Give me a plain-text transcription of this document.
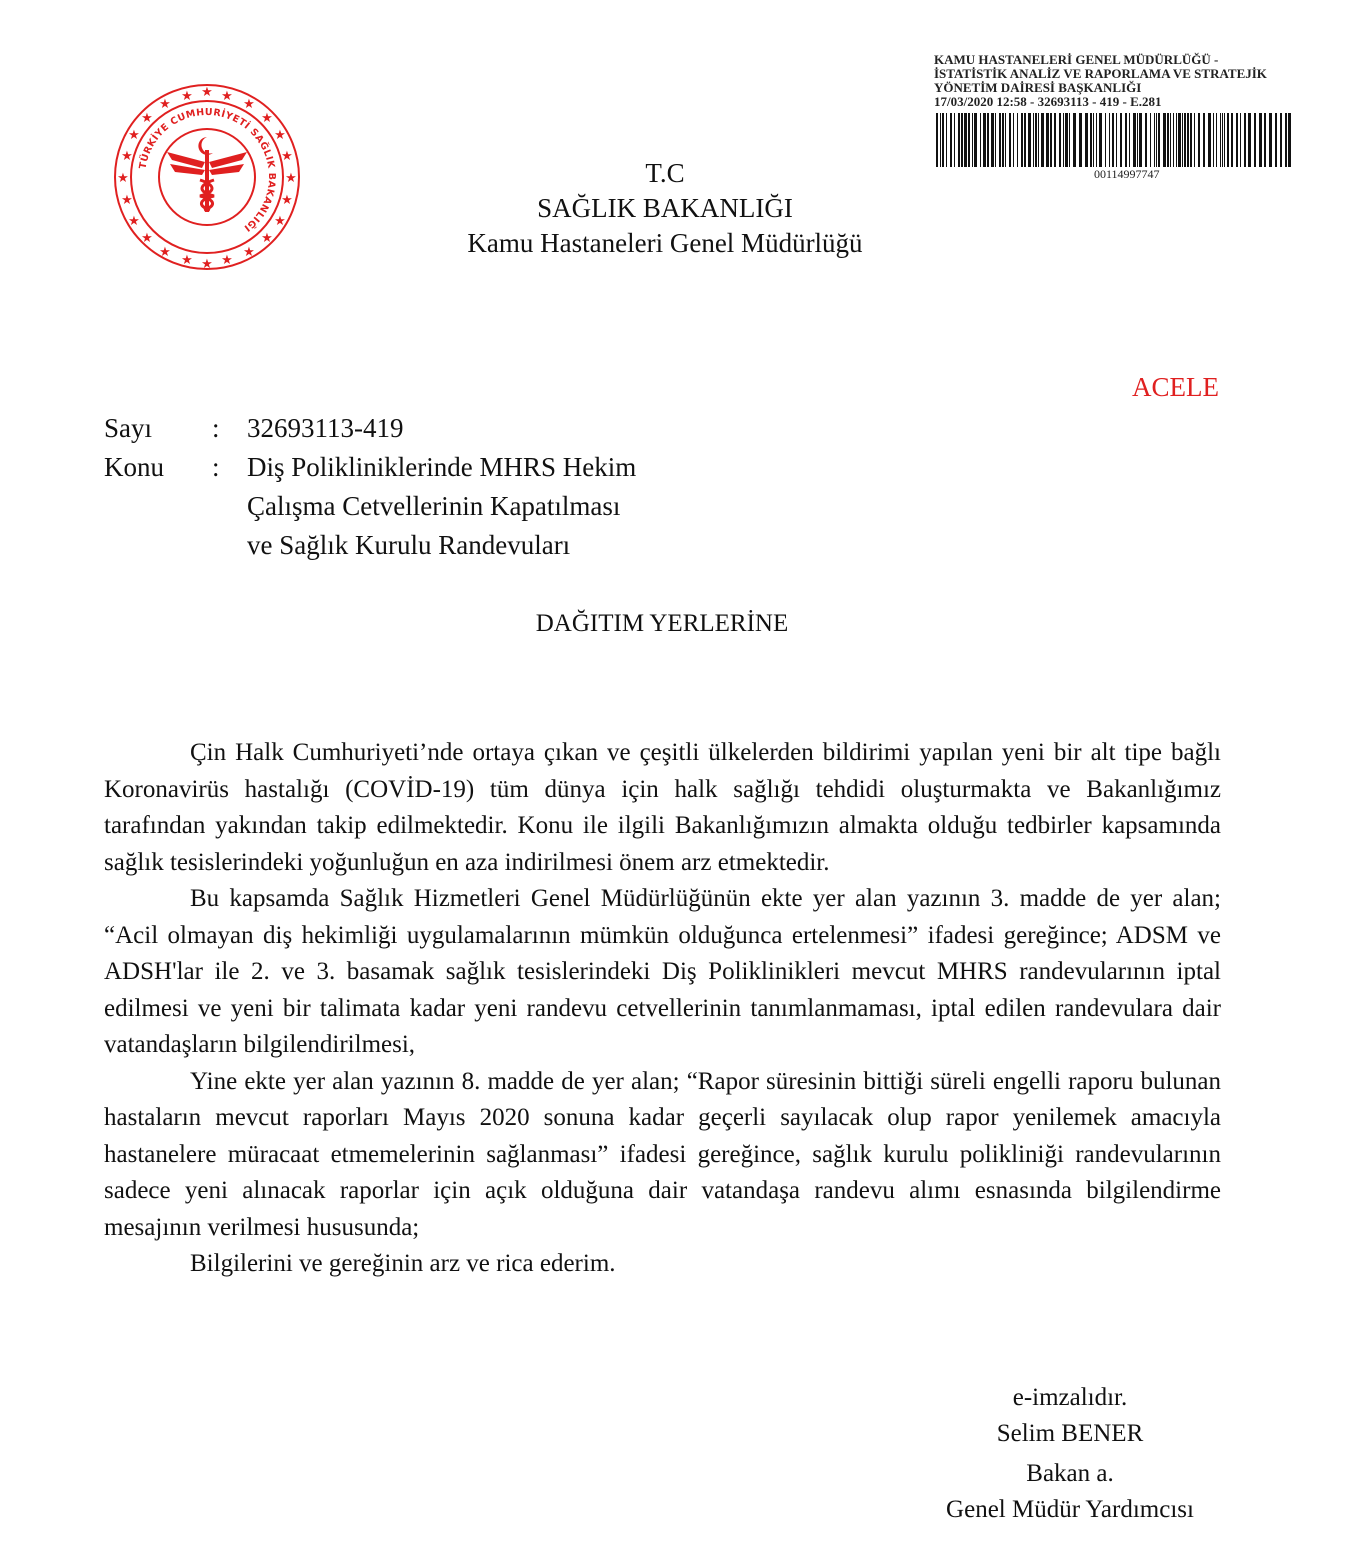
★
★
★
★
★
★
★
★
★
★
★
★
★ ★
★
★
★
★
★
★
★
★
★
★
TÜRKİYE CUMHURİYETİ SAĞLIK BAKANLIĞI
T.C
SAĞLIK BAKANLIĞI
Kamu Hastaneleri Genel Müdürlüğü
KAMU HASTANELERİ GENEL MÜDÜRLÜĞÜ -
İSTATİSTİK ANALİZ VE RAPORLAMA VE STRATEJİK
YÖNETİM DAİRESİ BAŞKANLIĞI
17/03/2020 12:58 - 32693113 - 419 - E.281
00114997747
ACELE
Sayı : 32693113-419
Konu : Diş Polikliniklerinde MHRS Hekim
Çalışma Cetvellerinin Kapatılması
ve Sağlık Kurulu Randevuları
DAĞITIM YERLERİNE

Çin Halk Cumhuriyeti’nde ortaya çıkan ve çeşitli ülkelerden bildirimi yapılan yeni bir alt tipe bağlı Koronavirüs hastalığı (COVİD-19) tüm dünya için halk sağlığı tehdidi oluşturmakta ve Bakanlığımız tarafından yakından takip edilmektedir. Konu ile ilgili Bakanlığımızın almakta olduğu tedbirler kapsamında sağlık tesislerindeki yoğunluğun en aza indirilmesi önem arz etmektedir.

Bu kapsamda Sağlık Hizmetleri Genel Müdürlüğünün ekte yer alan yazının 3. madde de yer alan; “Acil olmayan diş hekimliği uygulamalarının mümkün olduğunca ertelenmesi” ifadesi gereğince; ADSM ve ADSH'lar ile 2. ve 3. basamak sağlık tesislerindeki Diş Poliklinikleri mevcut MHRS randevularının iptal edilmesi ve yeni bir talimata kadar yeni randevu cetvellerinin tanımlanmaması, iptal edilen randevulara dair vatandaşların bilgilendirilmesi,

Yine ekte yer alan yazının 8. madde de yer alan; “Rapor süresinin bittiği süreli engelli raporu bulunan hastaların mevcut raporları Mayıs 2020 sonuna kadar geçerli sayılacak olup rapor yenilemek amacıyla hastanelere müracaat etmemelerinin sağlanması” ifadesi gereğince, sağlık kurulu polikliniği randevularının sadece yeni alınacak raporlar için açık olduğuna dair vatandaşa randevu alımı esnasında bilgilendirme mesajının verilmesi hususunda;

Bilgilerini ve gereğinin arz ve rica ederim.

e-imzalıdır.
Selim BENER
Bakan a.
Genel Müdür Yardımcısı
